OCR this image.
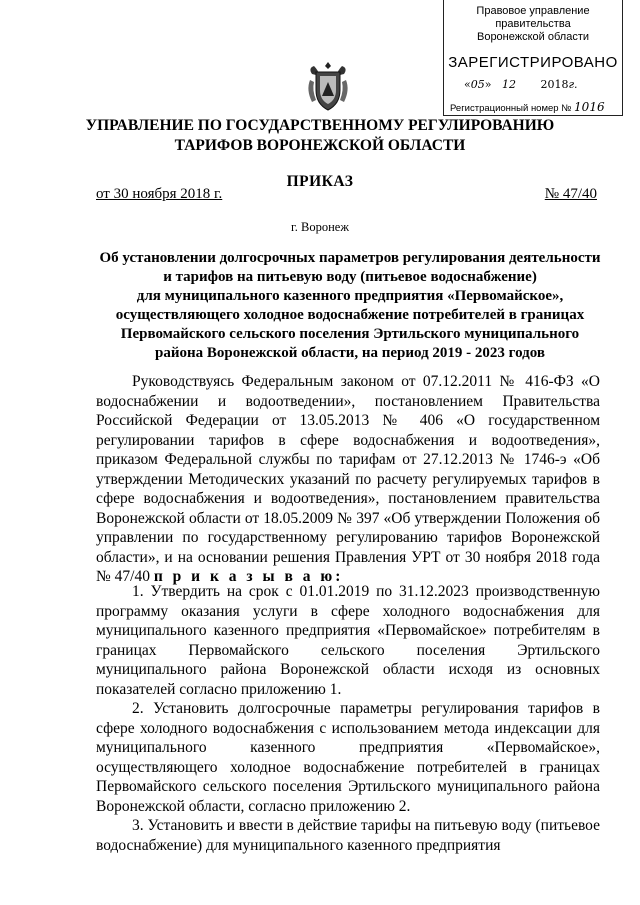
Правовое управление правительства
Воронежской области
ЗАРЕГИСТРИРОВАНО
«05»   12 2018г.
Регистрационный номер № 1016
УПРАВЛЕНИЕ ПО ГОСУДАРСТВЕННОМУ РЕГУЛИРОВАНИЮ
ТАРИФОВ ВОРОНЕЖСКОЙ ОБЛАСТИ
ПРИКАЗ
от 30 ноября 2018 г.	№ 47/40
г. Воронеж
Об установлении долгосрочных параметров регулирования деятельности
и тарифов на питьевую воду (питьевое водоснабжение)
для муниципального казенного предприятия «Первомайское»,
осуществляющего холодное водоснабжение потребителей в границах
Первомайского сельского поселения Эртильского муниципального
района Воронежской области, на период 2019 - 2023 годов

Руководствуясь Федеральным законом от 07.12.2011 № 416-ФЗ «О водоснабжении и водоотведении», постановлением Правительства Российской Федерации от 13.05.2013 № 406 «О государственном регулировании тарифов в сфере водоснабжения и водоотведения», приказом Федеральной службы по тарифам от 27.12.2013 № 1746-э «Об утверждении Методических указаний по расчету регулируемых тарифов в сфере водоснабжения и водоотведения», постановлением правительства Воронежской области от 18.05.2009 № 397 «Об утверждении Положения об управлении по государственному регулированию тарифов Воронежской области», и на основании решения Правления УРТ от 30 ноября 2018 года № 47/40 п р и к а з ы в а ю:

1. Утвердить на срок с 01.01.2019 по 31.12.2023 производственную программу оказания услуги в сфере холодного водоснабжения для муниципального казенного предприятия «Первомайское» потребителям в границах Первомайского сельского поселения Эртильского муниципального района Воронежской области исходя из основных показателей согласно приложению 1.

2. Установить долгосрочные параметры регулирования тарифов в сфере холодного водоснабжения с использованием метода индексации для муниципального казенного предприятия «Первомайское», осуществляющего холодное водоснабжение потребителей в границах Первомайского сельского поселения Эртильского муниципального района Воронежской области, согласно приложению 2.

3. Установить и ввести в действие тарифы на питьевую воду (питьевое водоснабжение) для муниципального казенного предприятия
